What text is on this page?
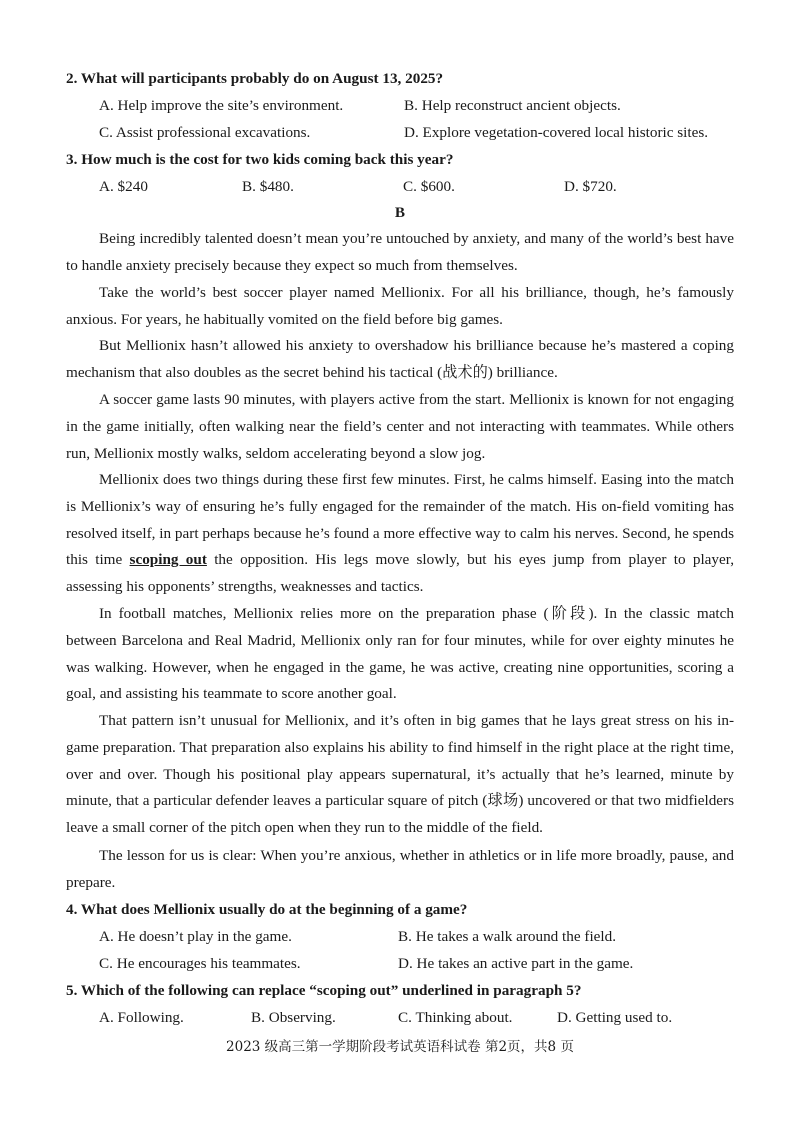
2. What will participants probably do on August 13, 2025?
A. Help improve the site’s environment.	B. Help reconstruct ancient objects.
C. Assist professional excavations.	D. Explore vegetation-covered local historic sites.
3. How much is the cost for two kids coming back this year?
A. $240	B. $480.	C. $600.	D. $720.
B

Being incredibly talented doesn’t mean you’re untouched by anxiety, and many of the world’s best have to handle anxiety precisely because they expect so much from themselves.

Take the world’s best soccer player named Mellionix. For all his brilliance, though, he’s famously anxious. For years, he habitually vomited on the field before big games.

But Mellionix hasn’t allowed his anxiety to overshadow his brilliance because he’s mastered a coping mechanism that also doubles as the secret behind his tactical (战术的) brilliance.

A soccer game lasts 90 minutes, with players active from the start. Mellionix is known for not engaging in the game initially, often walking near the field’s center and not interacting with teammates. While others run, Mellionix mostly walks, seldom accelerating beyond a slow jog.

Mellionix does two things during these first few minutes. First, he calms himself. Easing into the match is Mellionix’s way of ensuring he’s fully engaged for the remainder of the match. His on-field vomiting has resolved itself, in part perhaps because he’s found a more effective way to calm his nerves. Second, he spends this time scoping out the opposition. His legs move slowly, but his eyes jump from player to player, assessing his opponents’ strengths, weaknesses and tactics.

In football matches, Mellionix relies more on the preparation phase (阶段). In the classic match between Barcelona and Real Madrid, Mellionix only ran for four minutes, while for over eighty minutes he was walking. However, when he engaged in the game, he was active, creating nine opportunities, scoring a goal, and assisting his teammate to score another goal.

That pattern isn’t unusual for Mellionix, and it’s often in big games that he lays great stress on his in-game preparation. That preparation also explains his ability to find himself in the right place at the right time, over and over. Though his positional play appears supernatural, it’s actually that he’s learned, minute by minute, that a particular defender leaves a particular square of pitch (球场) uncovered or that two midfielders leave a small corner of the pitch open when they run to the middle of the field.

The lesson for us is clear: When you’re anxious, whether in athletics or in life more broadly, pause, and prepare.

4. What does Mellionix usually do at the beginning of a game?
A. He doesn’t play in the game.	B. He takes a walk around the field.
C. He encourages his teammates.	D. He takes an active part in the game.
5. Which of the following can replace “scoping out” underlined in paragraph 5?
A. Following.	B. Observing.	C. Thinking about.	D. Getting used to.
2023 级高三第一学期阶段考试英语科试卷 第2页，共8 页
